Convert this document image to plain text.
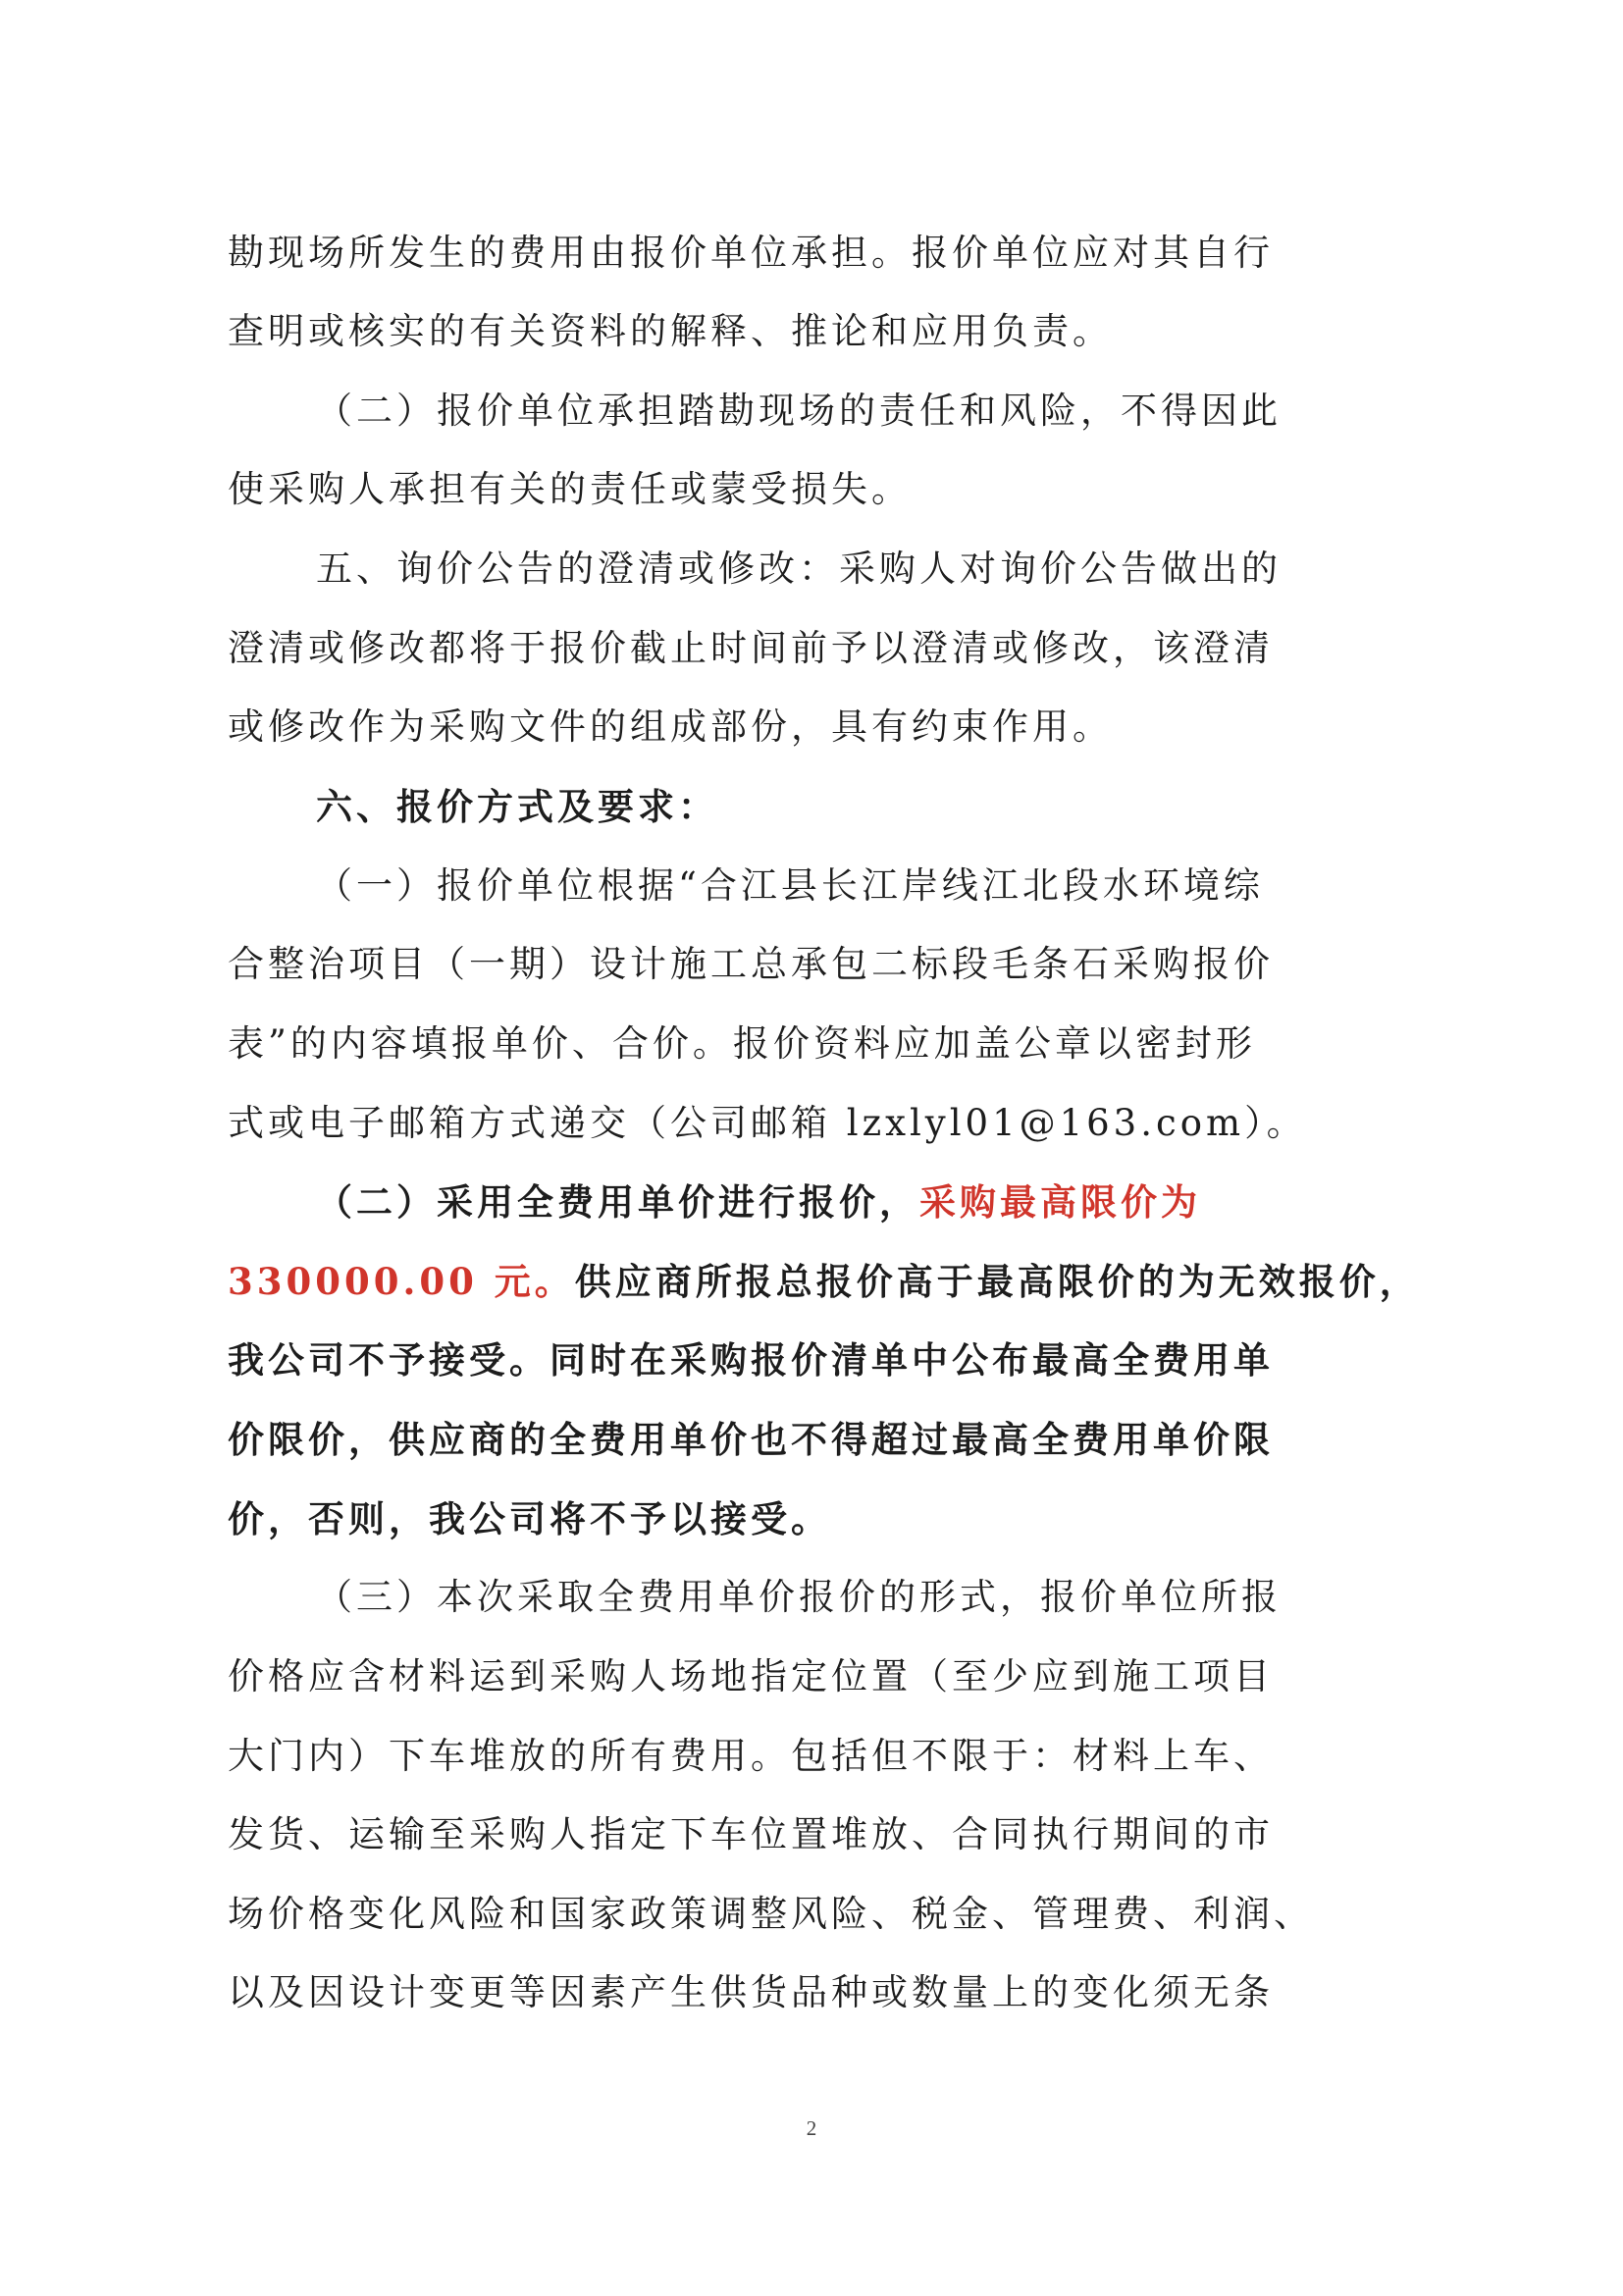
勘现场所发生的费用由报价单位承担。报价单位应对其自行
查明或核实的有关资料的解释、推论和应用负责。
（二）报价单位承担踏勘现场的责任和风险，不得因此
使采购人承担有关的责任或蒙受损失。
五、询价公告的澄清或修改：采购人对询价公告做出的
澄清或修改都将于报价截止时间前予以澄清或修改，该澄清
或修改作为采购文件的组成部份，具有约束作用。
六、报价方式及要求：
（一）报价单位根据“合江县长江岸线江北段水环境综
合整治项目（一期）设计施工总承包二标段毛条石采购报价
表”的内容填报单价、合价。报价资料应加盖公章以密封形
式或电子邮箱方式递交（公司邮箱 lzxlyl01@163.com）。
（二）采用全费用单价进行报价，采购最高限价为
330000.00 元。供应商所报总报价高于最高限价的为无效报价，
我公司不予接受。同时在采购报价清单中公布最高全费用单
价限价，供应商的全费用单价也不得超过最高全费用单价限
价，否则，我公司将不予以接受。
（三）本次采取全费用单价报价的形式，报价单位所报
价格应含材料运到采购人场地指定位置（至少应到施工项目
大门内）下车堆放的所有费用。包括但不限于：材料上车、
发货、运输至采购人指定下车位置堆放、合同执行期间的市
场价格变化风险和国家政策调整风险、税金、管理费、利润、
以及因设计变更等因素产生供货品种或数量上的变化须无条
2
